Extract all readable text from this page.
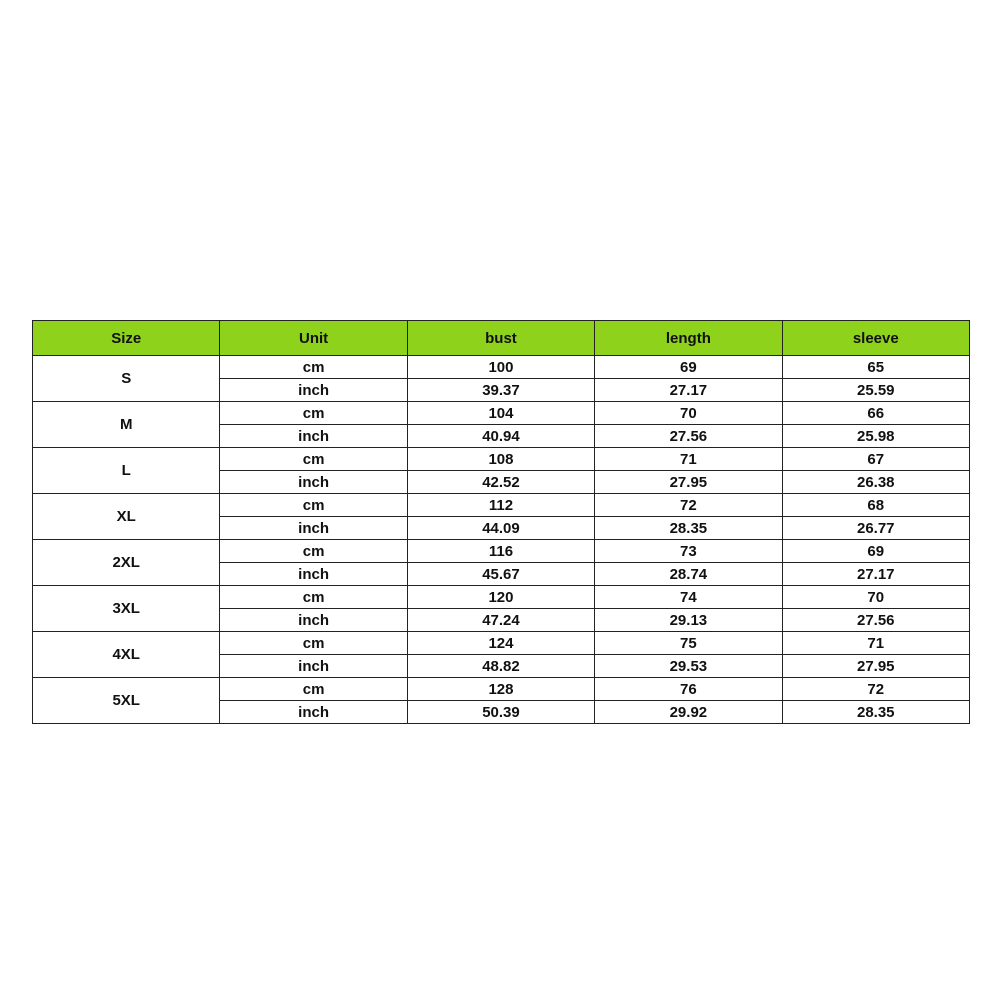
Size	Unit	bust	length	sleeve
S	cm	100	69	65
	inch	39.37	27.17	25.59
M	cm	104	70	66
	inch	40.94	27.56	25.98
L	cm	108	71	67
	inch	42.52	27.95	26.38
XL	cm	112	72	68
	inch	44.09	28.35	26.77
2XL	cm	116	73	69
	inch	45.67	28.74	27.17
3XL	cm	120	74	70
	inch	47.24	29.13	27.56
4XL	cm	124	75	71
	inch	48.82	29.53	27.95
5XL	cm	128	76	72
	inch	50.39	29.92	28.35
